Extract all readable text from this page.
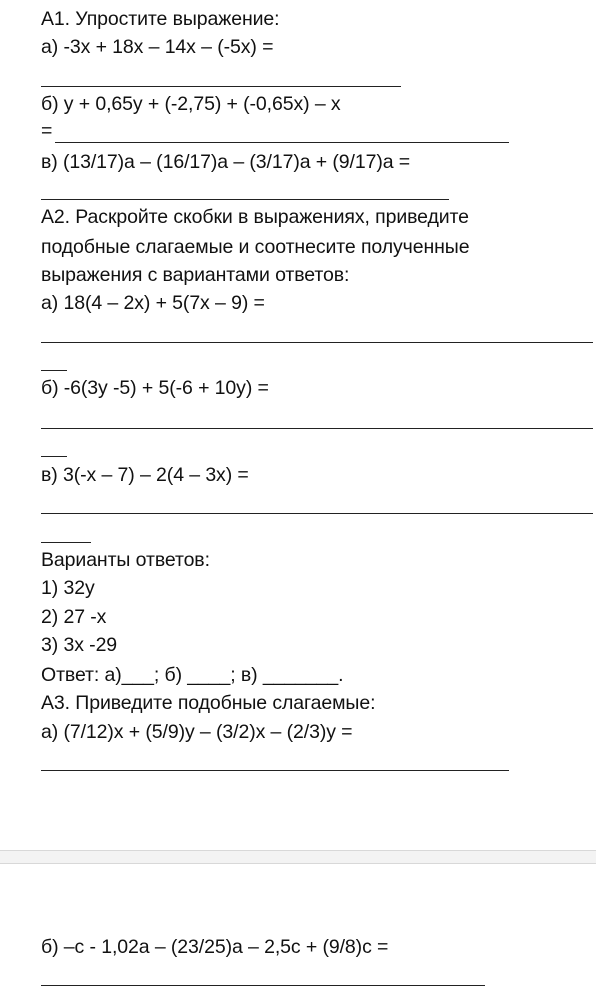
А1. Упростите выражение:
а) -3х + 18х – 14х – (-5х) =
б) у + 0,65у + (-2,75) + (-0,65х) – х
=
в) (13/17)а – (16/17)а – (3/17)а + (9/17)а =
А2. Раскройте скобки в выражениях, приведите
подобные слагаемые и соотнесите полученные
выражения с вариантами ответов:
а) 18(4 – 2х) + 5(7х – 9) =
б) -6(3у -5) + 5(-6 + 10у) =
в) 3(-х – 7) – 2(4 – 3х) =
Варианты ответов:
1) 32у
2) 27 -х
3) 3х -29
Ответ: а)___; б) ____; в) _______.
А3. Приведите подобные слагаемые:
а) (7/12)х + (5/9)у – (3/2)х – (2/3)у =
б) –с - 1,02а – (23/25)а – 2,5с + (9/8)с =
